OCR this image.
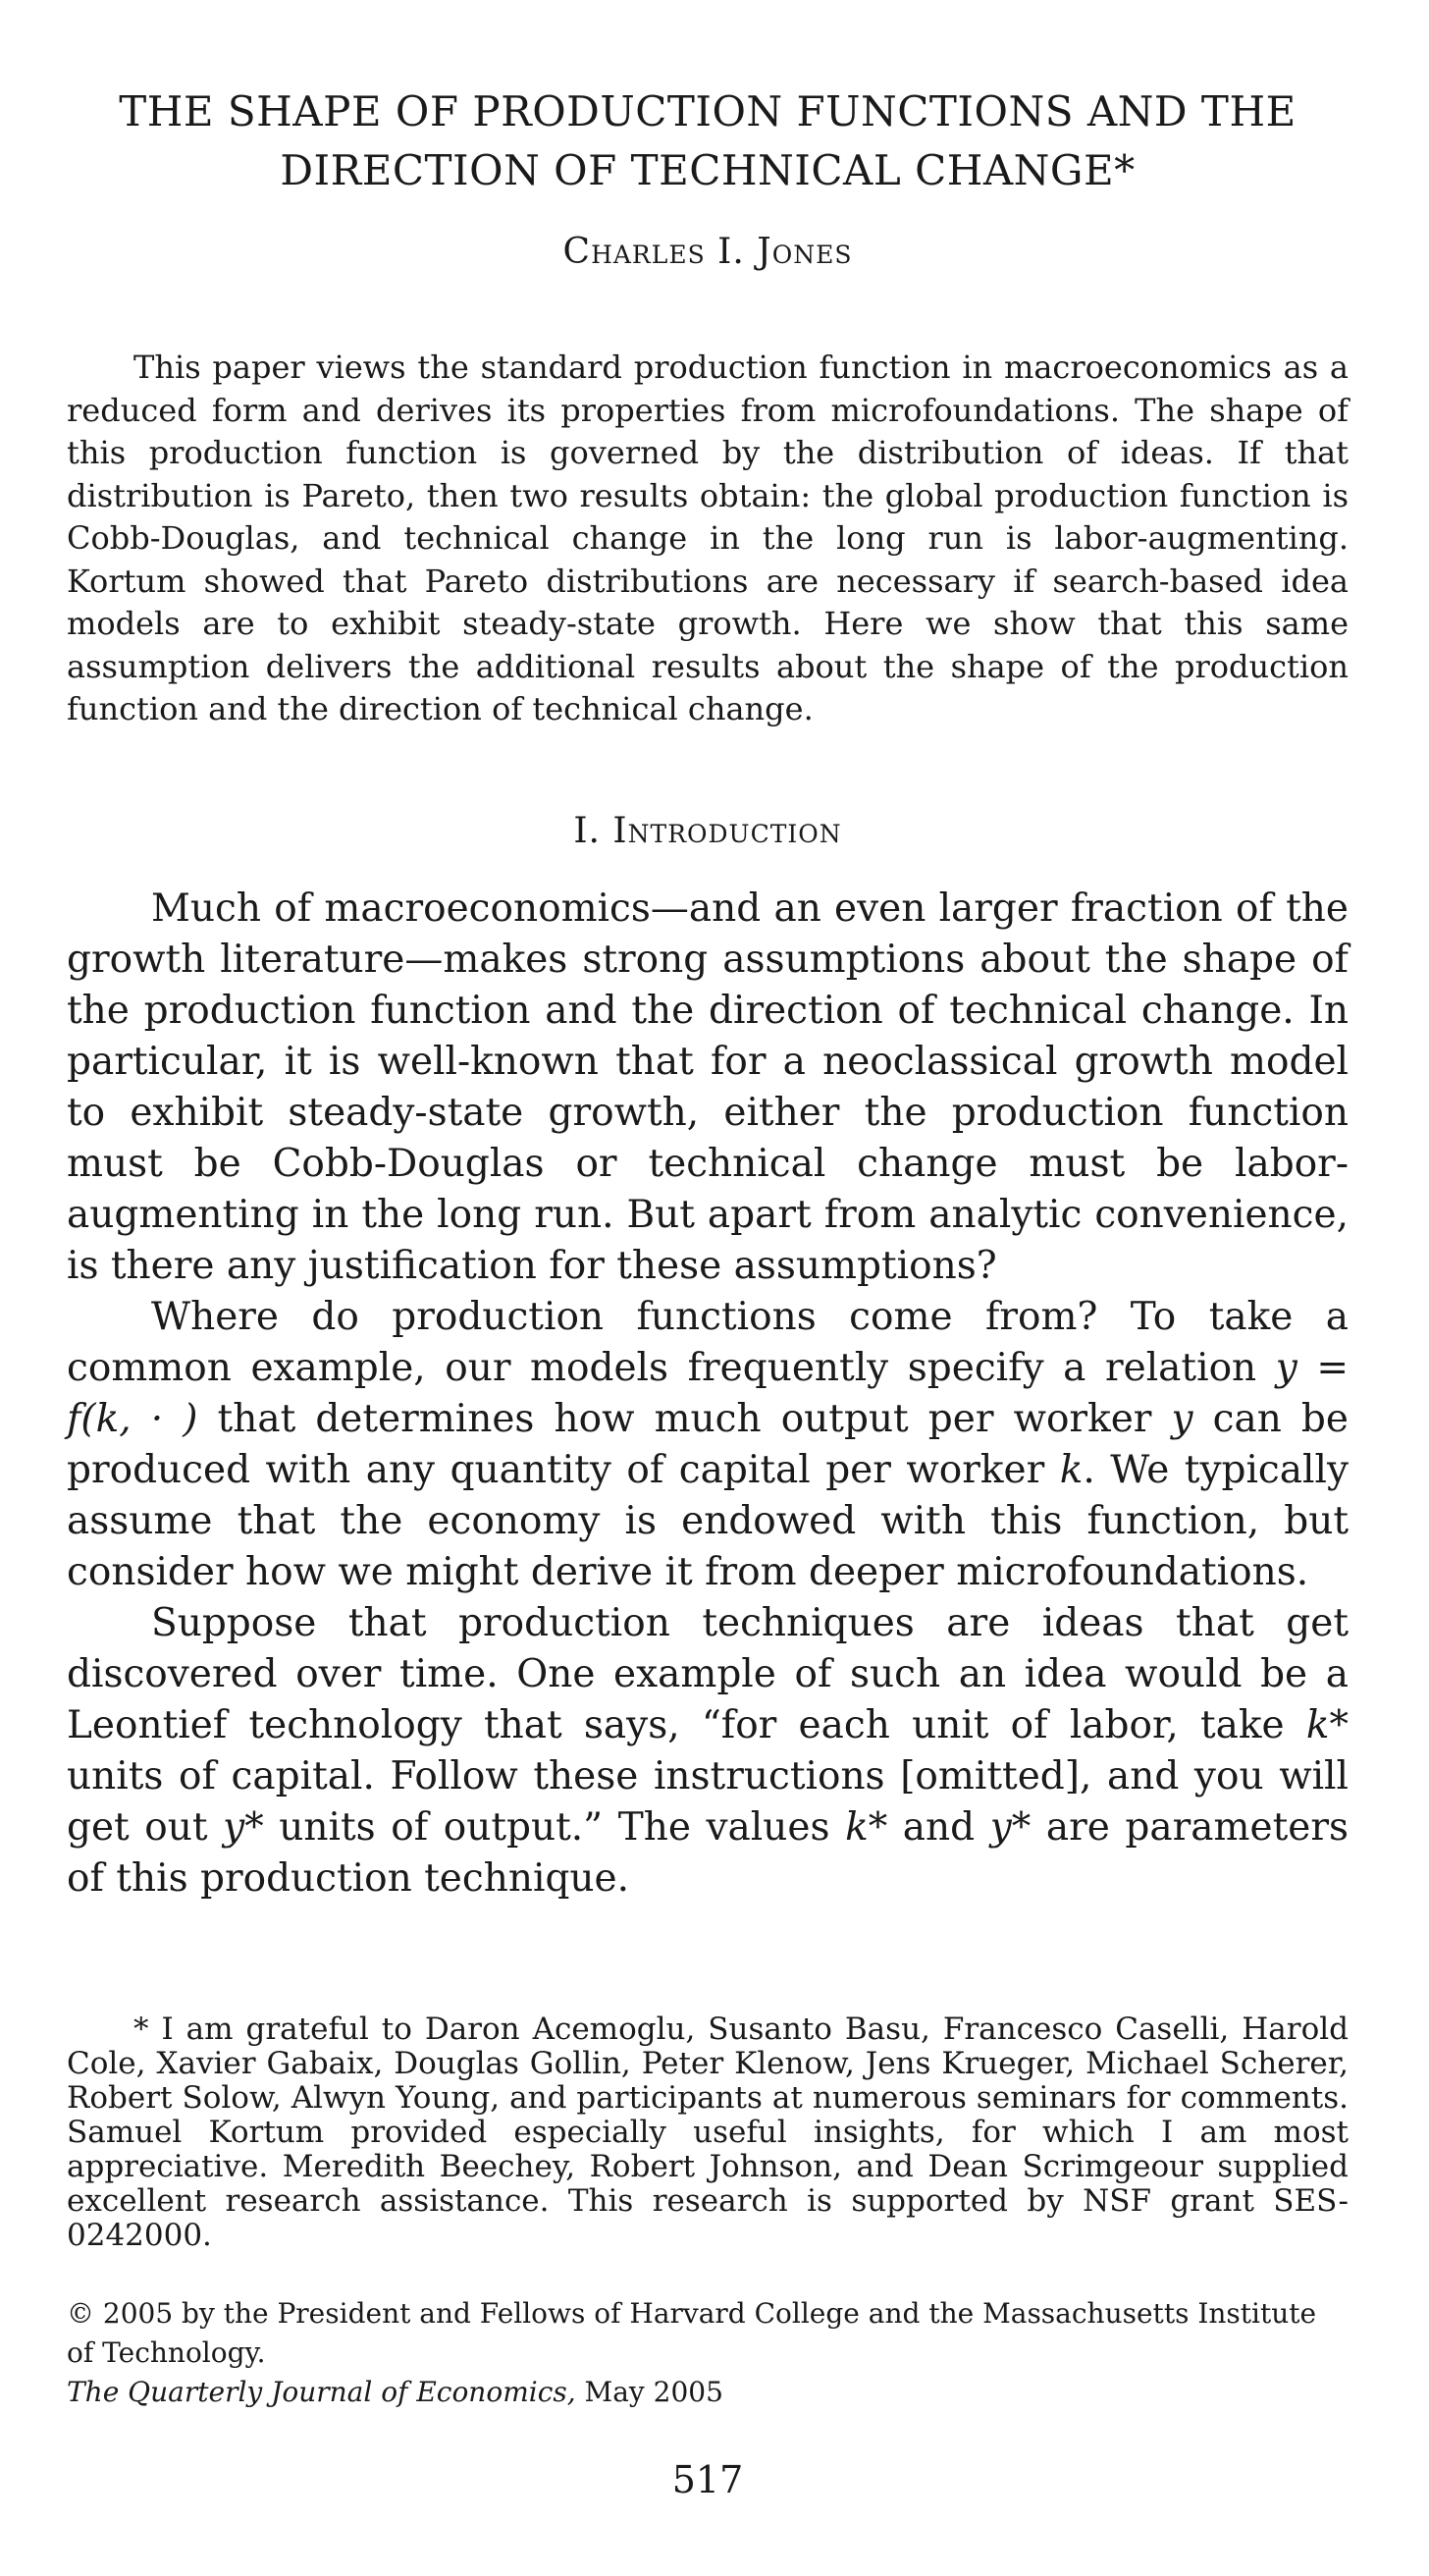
THE SHAPE OF PRODUCTION FUNCTIONS AND THE
DIRECTION OF TECHNICAL CHANGE*
Charles I. Jones
This paper views the standard production function in macroeconomics as a reduced form and derives its properties from microfoundations. The shape of this production function is governed by the distribution of ideas. If that distribution is Pareto, then two results obtain: the global production function is Cobb-Douglas, and technical change in the long run is labor-augmenting. Kortum showed that Pareto distributions are necessary if search-based idea models are to exhibit steady-state growth. Here we show that this same assumption delivers the additional results about the shape of the production function and the direction of technical change.
I. Introduction

Much of macroeconomics—and an even larger fraction of the growth literature—makes strong assumptions about the shape of the production function and the direction of technical change. In particular, it is well-known that for a neoclassical growth model to exhibit steady-state growth, either the production function must be Cobb-Douglas or technical change must be labor-augmenting in the long run. But apart from analytic convenience, is there any justification for these assumptions?

Where do production functions come from? To take a common example, our models frequently specify a relation y = f(k, · ) that determines how much output per worker y can be produced with any quantity of capital per worker k. We typically assume that the economy is endowed with this function, but consider how we might derive it from deeper microfoundations.

Suppose that production techniques are ideas that get discovered over time. One example of such an idea would be a Leontief technology that says, “for each unit of labor, take k* units of capital. Follow these instructions [omitted], and you will get out y* units of output.” The values k* and y* are parameters of this production technique.

* I am grateful to Daron Acemoglu, Susanto Basu, Francesco Caselli, Harold Cole, Xavier Gabaix, Douglas Gollin, Peter Klenow, Jens Krueger, Michael Scherer, Robert Solow, Alwyn Young, and participants at numerous seminars for comments. Samuel Kortum provided especially useful insights, for which I am most appreciative. Meredith Beechey, Robert Johnson, and Dean Scrimgeour supplied excellent research assistance. This research is supported by NSF grant SES-0242000.
© 2005 by the President and Fellows of Harvard College and the Massachusetts Institute of Technology.
The Quarterly Journal of Economics, May 2005
517
